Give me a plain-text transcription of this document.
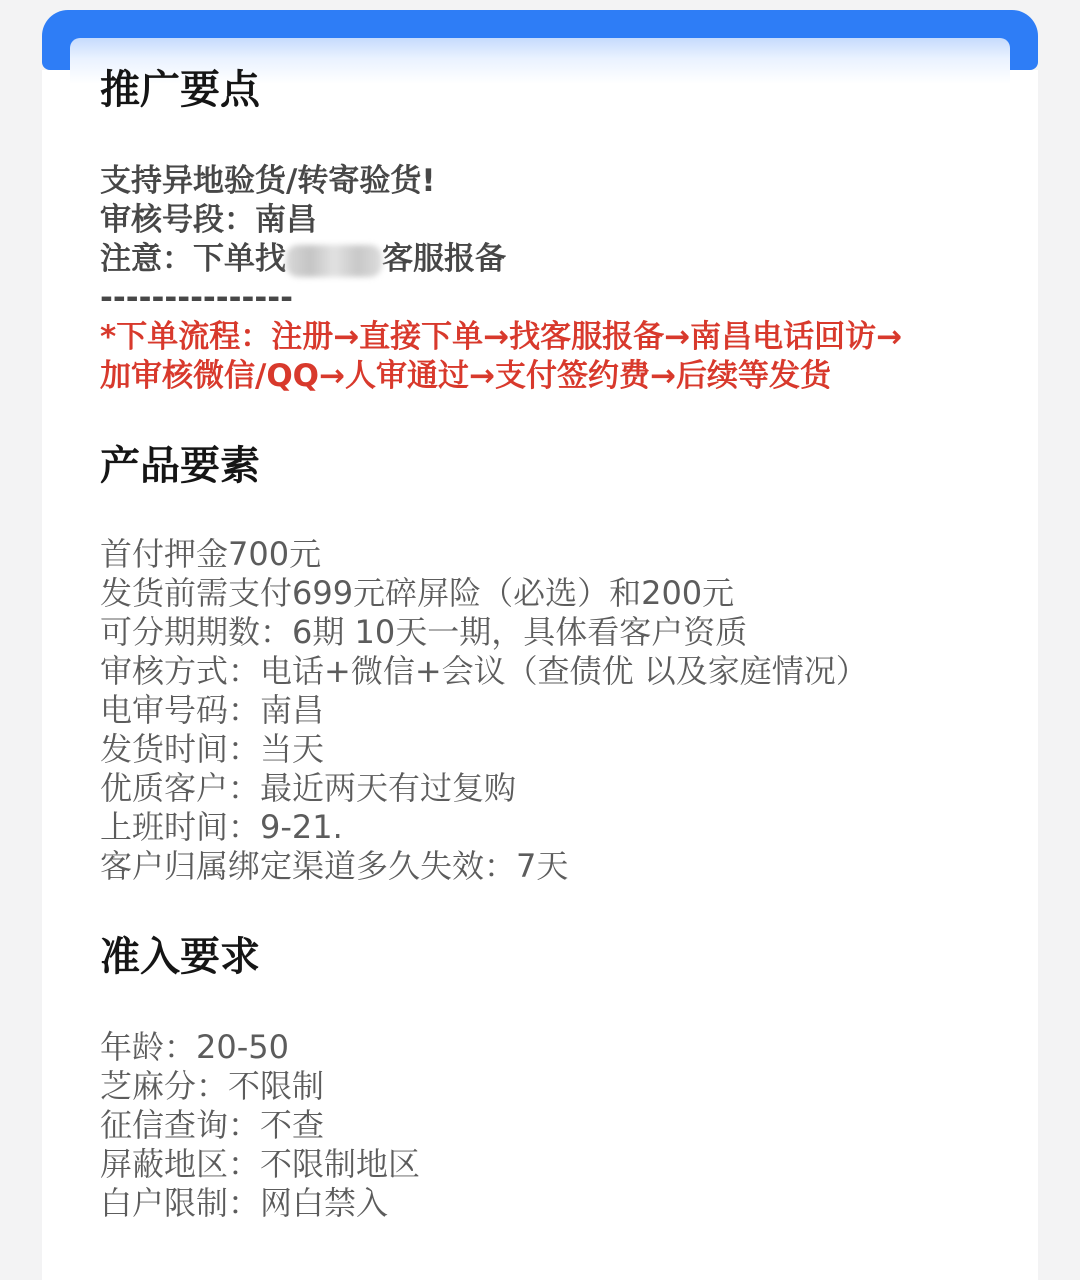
推广要点
支持异地验货/转寄验货!
审核号段：南昌
注意：下单找	客服报备
---------------
*下单流程：注册→直接下单→找客服报备→南昌电话回访→
加审核微信/QQ→人审通过→支付签约费→后续等发货
产品要素
首付押金700元
发货前需支付699元碎屏险（必选）和200元
可分期期数：6期 10天一期，具体看客户资质
审核方式：电话+微信+会议（查债优 以及家庭情况）
电审号码：南昌
发货时间：当天
优质客户：最近两天有过复购
上班时间：9-21.
客户归属绑定渠道多久失效：7天
准入要求
年龄：20-50
芝麻分：不限制
征信查询：不查
屏蔽地区：不限制地区
白户限制：网白禁入
